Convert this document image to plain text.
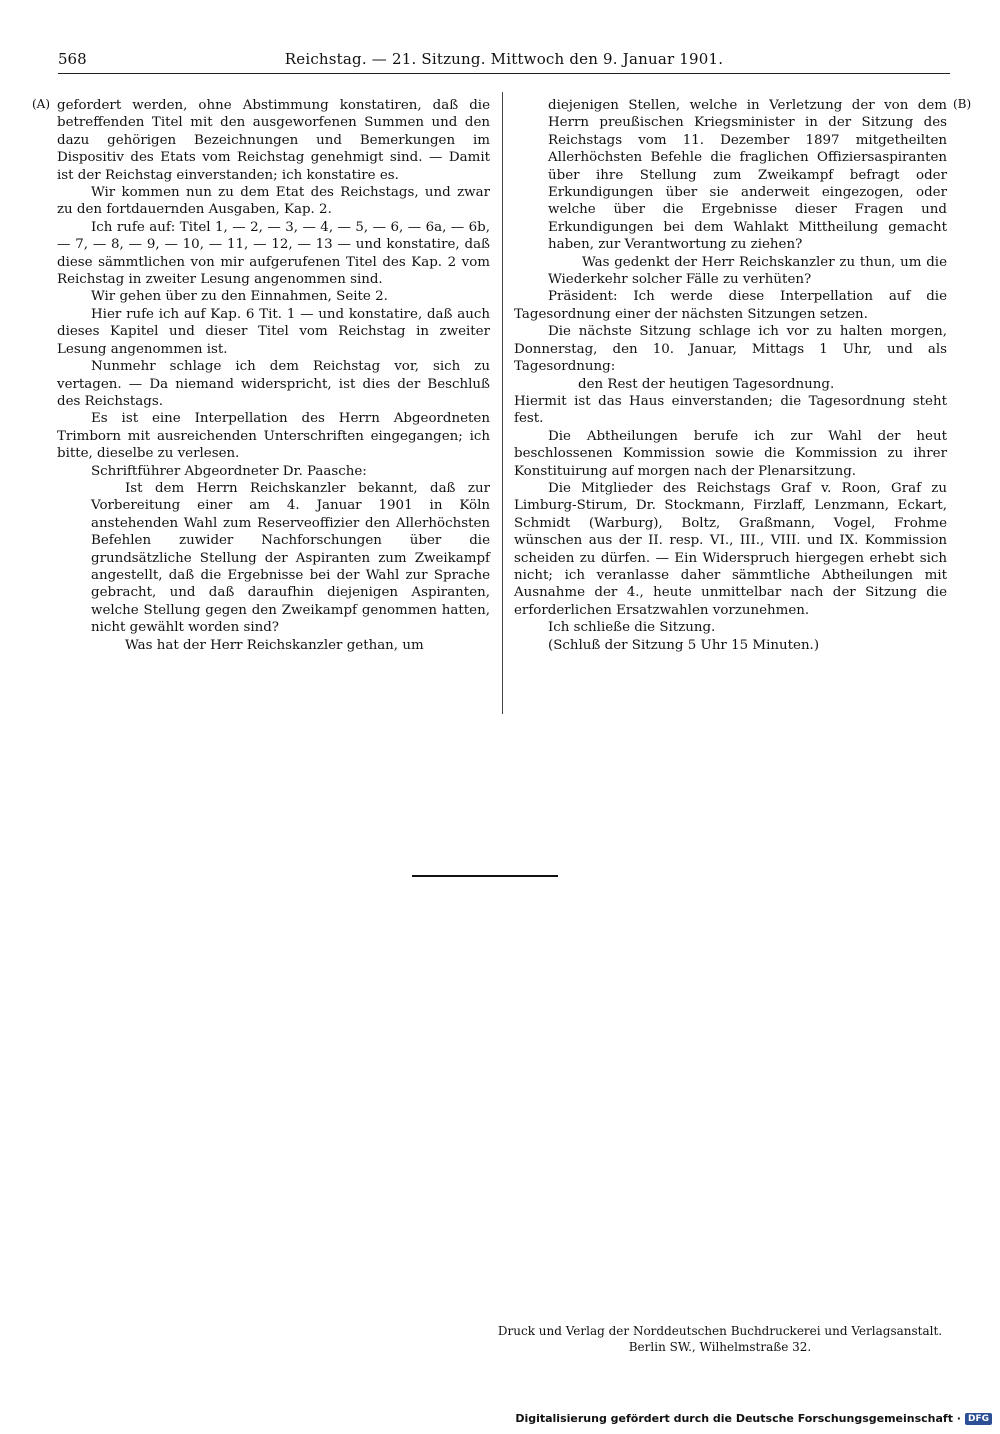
568	Reichstag. — 21. Sitzung. Mittwoch den 9. Januar 1901.
(A)	(B)

gefordert werden, ohne Abstimmung konstatiren, daß die betreffenden Titel mit den ausgeworfenen Summen und den dazu gehörigen Bezeichnungen und Bemerkungen im Dispositiv des Etats vom Reichstag genehmigt sind. — Damit ist der Reichstag einverstanden; ich konstatire es.

Wir kommen nun zu dem Etat des Reichstags, und zwar zu den fortdauernden Ausgaben, Kap. 2.

Ich rufe auf: Titel 1, — 2, — 3, — 4, — 5, — 6, — 6a, — 6b, — 7, — 8, — 9, — 10, — 11, — 12, — 13 — und konstatire, daß diese sämmtlichen von mir aufgerufenen Titel des Kap. 2 vom Reichstag in zweiter Lesung angenommen sind.

Wir gehen über zu den Einnahmen, Seite 2.

Hier rufe ich auf Kap. 6 Tit. 1 — und konstatire, daß auch dieses Kapitel und dieser Titel vom Reichstag in zweiter Lesung angenommen ist.

Nunmehr schlage ich dem Reichstag vor, sich zu vertagen. — Da niemand widerspricht, ist dies der Beschluß des Reichstags.

Es ist eine Interpellation des Herrn Abgeordneten Trimborn mit ausreichenden Unterschriften eingegangen; ich bitte, dieselbe zu verlesen.

Schriftführer Abgeordneter Dr. Paasche:

Ist dem Herrn Reichskanzler bekannt, daß zur Vorbereitung einer am 4. Januar 1901 in Köln anstehenden Wahl zum Reserveoffizier den Allerhöchsten Befehlen zuwider Nachforschungen über die grundsätzliche Stellung der Aspiranten zum Zweikampf angestellt, daß die Ergebnisse bei der Wahl zur Sprache gebracht, und daß daraufhin diejenigen Aspiranten, welche Stellung gegen den Zweikampf genommen hatten, nicht gewählt worden sind?

Was hat der Herr Reichskanzler gethan, um

diejenigen Stellen, welche in Verletzung der von dem Herrn preußischen Kriegsminister in der Sitzung des Reichstags vom 11. Dezember 1897 mitgetheilten Allerhöchsten Befehle die fraglichen Offiziersaspiranten über ihre Stellung zum Zweikampf befragt oder Erkundigungen über sie anderweit eingezogen, oder welche über die Ergebnisse dieser Fragen und Erkundigungen bei dem Wahlakt Mittheilung gemacht haben, zur Verantwortung zu ziehen?

Was gedenkt der Herr Reichskanzler zu thun, um die Wiederkehr solcher Fälle zu verhüten?

Präsident: Ich werde diese Interpellation auf die Tagesordnung einer der nächsten Sitzungen setzen.

Die nächste Sitzung schlage ich vor zu halten morgen, Donnerstag, den 10. Januar, Mittags 1 Uhr, und als Tagesordnung:

den Rest der heutigen Tagesordnung.

Hiermit ist das Haus einverstanden; die Tagesordnung steht fest.

Die Abtheilungen berufe ich zur Wahl der heut beschlossenen Kommission sowie die Kommission zu ihrer Konstituirung auf morgen nach der Plenarsitzung.

Die Mitglieder des Reichstags Graf v. Roon, Graf zu Limburg-Stirum, Dr. Stockmann, Firzlaff, Lenzmann, Eckart, Schmidt (Warburg), Boltz, Graßmann, Vogel, Frohme wünschen aus der II. resp. VI., III., VIII. und IX. Kommission scheiden zu dürfen. — Ein Widerspruch hiergegen erhebt sich nicht; ich veranlasse daher sämmtliche Abtheilungen mit Ausnahme der 4., heute unmittelbar nach der Sitzung die erforderlichen Ersatzwahlen vorzunehmen.

Ich schließe die Sitzung.

(Schluß der Sitzung 5 Uhr 15 Minuten.)

Druck und Verlag der Norddeutschen Buchdruckerei und Verlagsanstalt.
Berlin SW., Wilhelmstraße 32.
Digitalisierung gefördert durch die Deutsche Forschungsgemeinschaft · DFG
